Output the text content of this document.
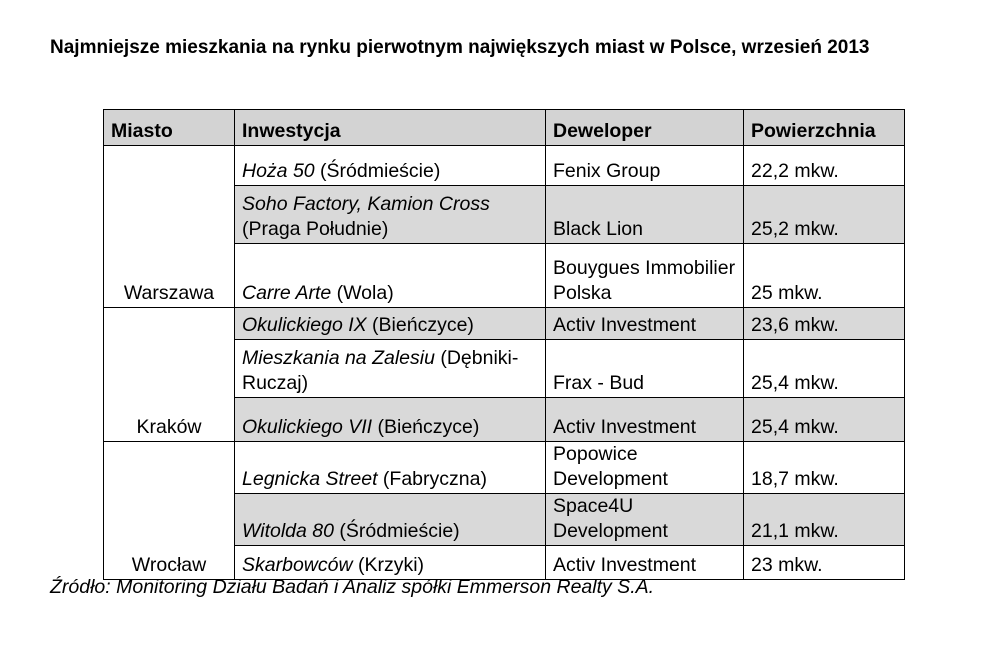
Najmniejsze mieszkania na rynku pierwotnym największych miast w Polsce, wrzesień 2013
Miasto	Inwestycja	Deweloper	Powierzchnia
Warszawa	Hoża 50 (Śródmieście)	Fenix Group	22,2 mkw.
	Soho Factory, Kamion Cross (Praga Południe)	Black Lion	25,2 mkw.
	Carre Arte (Wola)	Bouygues Immobilier Polska	25 mkw.
Kraków	Okulickiego IX (Bieńczyce)	Activ Investment	23,6 mkw.
	Mieszkania na Zalesiu (Dębniki-Ruczaj)	Frax - Bud	25,4 mkw.
	Okulickiego VII (Bieńczyce)	Activ Investment	25,4 mkw.
Wrocław	Legnicka Street (Fabryczna)	Popowice Development	18,7 mkw.
	Witolda 80 (Śródmieście)	Space4U Development	21,1 mkw.
	Skarbowców (Krzyki)	Activ Investment	23 mkw.
Źródło: Monitoring Działu Badań i Analiz spółki Emmerson Realty S.A.
